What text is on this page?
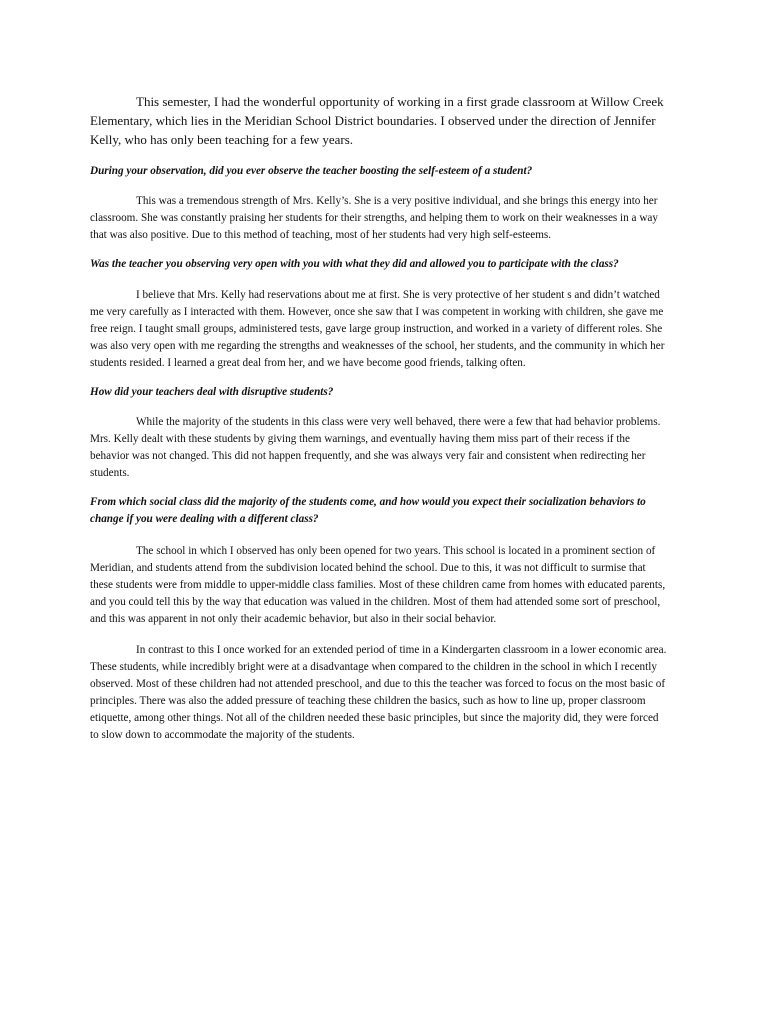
This semester, I had the wonderful opportunity of working in a first grade classroom at Willow Creek Elementary, which lies in the Meridian School District boundaries. I observed under the direction of Jennifer Kelly, who has only been teaching for a few years.

During your observation, did you ever observe the teacher boosting the self-esteem of a student?

This was a tremendous strength of Mrs. Kelly’s. She is a very positive individual, and she brings this energy into her classroom. She was constantly praising her students for their strengths, and helping them to work on their weaknesses in a way that was also positive. Due to this method of teaching, most of her students had very high self-esteems.

Was the teacher you observing very open with you with what they did and allowed you to participate with the class?

I believe that Mrs. Kelly had reservations about me at first. She is very protective of her student s and didn’t watched me very carefully as I interacted with them. However, once she saw that I was competent in working with children, she gave me free reign. I taught small groups, administered tests, gave large group instruction, and worked in a variety of different roles. She was also very open with me regarding the strengths and weaknesses of the school, her students, and the community in which her students resided. I learned a great deal from her, and we have become good friends, talking often.

How did your teachers deal with disruptive students?

While the majority of the students in this class were very well behaved, there were a few that had behavior problems. Mrs. Kelly dealt with these students by giving them warnings, and eventually having them miss part of their recess if the behavior was not changed. This did not happen frequently, and she was always very fair and consistent when redirecting her students.

From which social class did the majority of the students come, and how would you expect their socialization behaviors to change if you were dealing with a different class?

The school in which I observed has only been opened for two years. This school is located in a prominent section of Meridian, and students attend from the subdivision located behind the school. Due to this, it was not difficult to surmise that these students were from middle to upper-middle class families. Most of these children came from homes with educated parents, and you could tell this by the way that education was valued in the children. Most of them had attended some sort of preschool, and this was apparent in not only their academic behavior, but also in their social behavior.

In contrast to this I once worked for an extended period of time in a Kindergarten classroom in a lower economic area. These students, while incredibly bright were at a disadvantage when compared to the children in the school in which I recently observed. Most of these children had not attended preschool, and due to this the teacher was forced to focus on the most basic of principles. There was also the added pressure of teaching these children the basics, such as how to line up, proper classroom etiquette, among other things. Not all of the children needed these basic principles, but since the majority did, they were forced to slow down to accommodate the majority of the students.
